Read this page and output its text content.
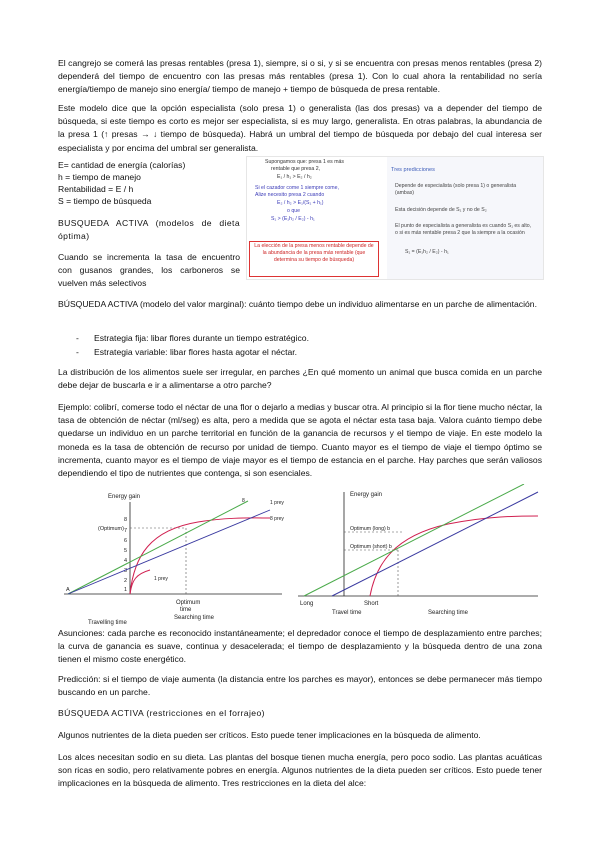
El cangrejo se comerá las presas rentables (presa 1), siempre, si o si, y si se encuentra con presas menos rentables (presa 2) dependerá del tiempo de encuentro con las presas más rentables (presa 1). Con lo cual ahora la rentabilidad no sería energía/tiempo de manejo sino energía/ tiempo de manejo + tiempo de búsqueda de presa rentable.

Este modelo dice que la opción especialista (solo presa 1) o generalista (las dos presas) va a depender del tiempo de búsqueda, si este tiempo es corto es mejor ser especialista, si es muy largo, generalista. En otras palabras, la abundancia de la presa 1 (↑ presas → ↓ tiempo de búsqueda). Habrá un umbral del tiempo de búsqueda por debajo del cual interesa ser especialista y por encima del umbral ser generalista.

E= cantidad de energía (calorías)

h = tiempo de manejo

Rentabilidad = E / h

S = tiempo de búsqueda

BUSQUEDA ACTIVA (modelos de dieta óptima)

Cuando se incrementa la tasa de encuentro con gusanos grandes, los carboneros se vuelven más selectivos

Supongamos que: presa 1 es más

rentable que presa 2,

E₁ / h₁ > E₂ / h₂

Si el cazador come 1 siempre come,

Alize necesito presa 2 cuando

E₂ / h₂ > E₁/(S₁ + h₁)

o que

S₁ > (E₁h₂ / E₂) - h₁

La elección de la presa menos rentable depende de la abundancia de la presa más rentable (que determina su tiempo de búsqueda)

Tres predicciones

Depende de especialista (solo presa 1) o generalista (ambas)

Esta decisión depende de S₁ y no de S₂

El punto de especialista a generalista es cuando S₁ es alto, o si es más rentable presa 2 que la siempre a la ocasión

S₁ = (E₁h₂ / E₂) - h₁

BÚSQUEDA ACTIVA (modelo del valor marginal): cuánto tiempo debe un individuo alimentarse en un parche de alimentación.

- Estrategia fija: libar flores durante un tiempo estratégico.

- Estrategia variable: libar flores hasta agotar el néctar.

La distribución de los alimentos suele ser irregular, en parches ¿En qué momento un animal que busca comida en un parche debe dejar de buscarla e ir a alimentarse a otro parche?

Ejemplo: colibrí, comerse todo el néctar de una flor o dejarlo a medias y buscar otra. Al principio si la flor tiene mucho néctar, la tasa de obtención de néctar (ml/seg) es alta, pero a medida que se agota el néctar esta tasa baja. Valora cuánto tiempo debe quedarse un individuo en un parche territorial en función de la ganancia de recursos y el tiempo de viaje. En este modelo la moneda es la tasa de obtención de recurso por unidad de tiempo. Cuanto mayor es el tiempo de viaje el tiempo óptimo se incrementa, cuanto mayor es el tiempo de viaje mayor es el tiempo de estancia en el parche. Hay parches que serán valiosos dependiendo el tipo de nutrientes que contenga, si son esenciales.

Energy gain
8
7
6
5
4
3
2
1
(Optimum)
1 prey
8 prey
8
1 prey
A
Optimum
time
Searching time
Travelling time
Energy gain
Optimum (long) b
Optimum (short) b
Long	Short
Travel time	Searching time

Asunciones: cada parche es reconocido instantáneamente; el depredador conoce el tiempo de desplazamiento entre parches; la curva de ganancia es suave, continua y desacelerada; el tiempo de desplazamiento y la búsqueda dentro de una zona tienen el mismo coste energético.

Predicción: si el tiempo de viaje aumenta (la distancia entre los parches es mayor), entonces se debe permanecer más tiempo buscando en un parche.

BÚSQUEDA ACTIVA (restricciones en el forrajeo)

Algunos nutrientes de la dieta pueden ser críticos. Esto puede tener implicaciones en la búsqueda de alimento.

Los alces necesitan sodio en su dieta. Las plantas del bosque tienen mucha energía, pero poco sodio. Las plantas acuáticas son ricas en sodio, pero relativamente pobres en energía. Algunos nutrientes de la dieta pueden ser críticos. Esto puede tener implicaciones en la búsqueda de alimento. Tres restricciones en la dieta del alce:
